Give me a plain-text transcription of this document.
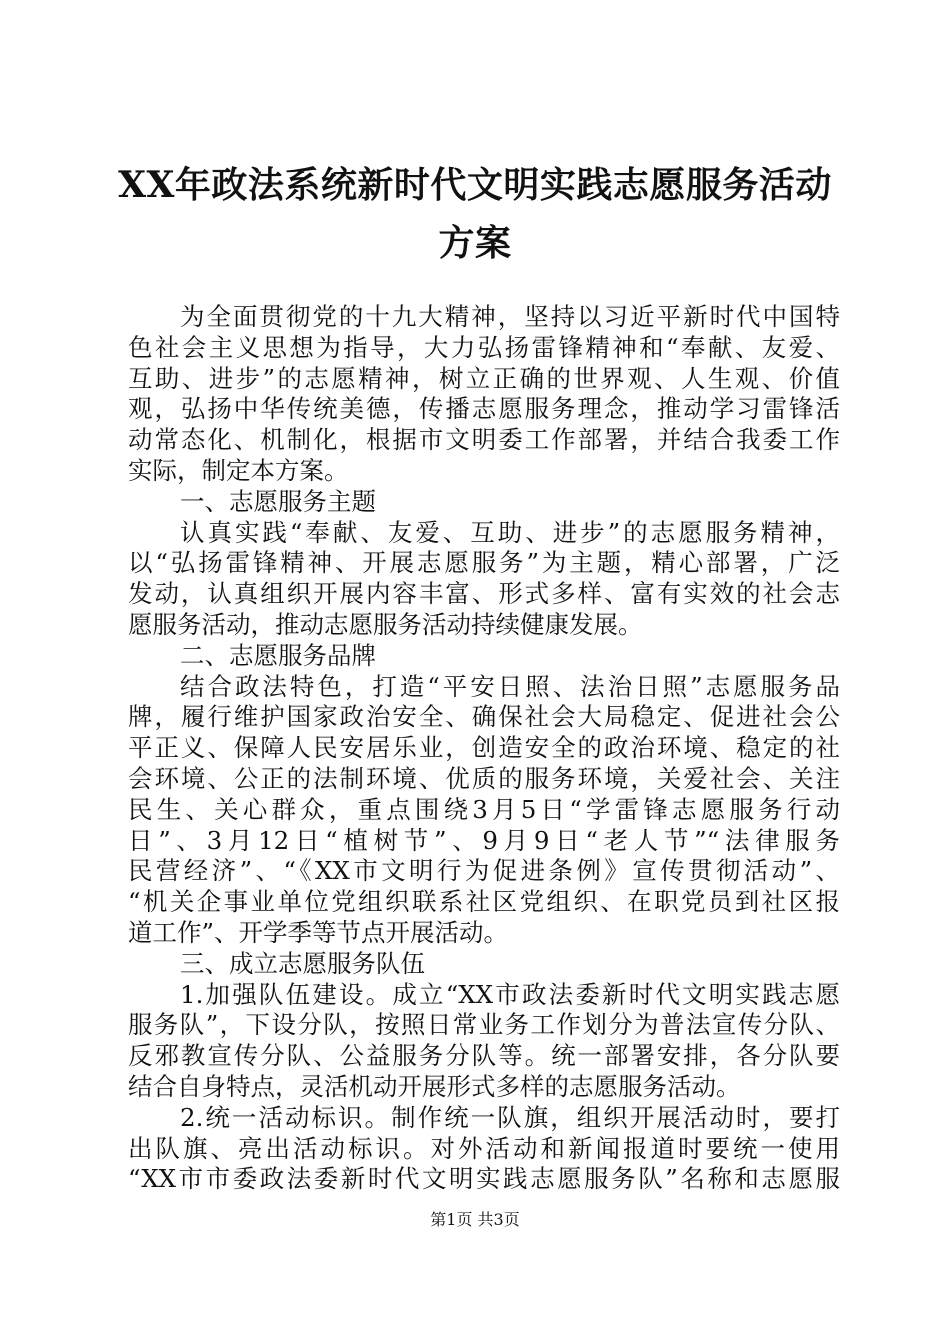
XX年政法系统新时代文明实践志愿服务活动
方案
为全面贯彻党的十九大精神，坚持以习近平新时代中国特
色社会主义思想为指导，大力弘扬雷锋精神和“奉献、友爱、
互助、进步”的志愿精神，树立正确的世界观、人生观、价值
观，弘扬中华传统美德，传播志愿服务理念，推动学习雷锋活
动常态化、机制化，根据市文明委工作部署，并结合我委工作
实际，制定本方案。
一、志愿服务主题
认真实践“奉献、友爱、互助、进步”的志愿服务精神，
以“弘扬雷锋精神、开展志愿服务”为主题，精心部署，广泛
发动，认真组织开展内容丰富、形式多样、富有实效的社会志
愿服务活动，推动志愿服务活动持续健康发展。
二、志愿服务品牌
结合政法特色，打造“平安日照、法治日照”志愿服务品
牌，履行维护国家政治安全、确保社会大局稳定、促进社会公
平正义、保障人民安居乐业，创造安全的政治环境、稳定的社
会环境、公正的法制环境、优质的服务环境，关爱社会、关注
民生、关心群众，重点围绕3月5日“学雷锋志愿服务行动
日”、3月12日“植树节”、9月9日“老人节”“法律服务
民营经济”、“《XX市文明行为促进条例》宣传贯彻活动”、
“机关企事业单位党组织联系社区党组织、在职党员到社区报
道工作”、开学季等节点开展活动。
三、成立志愿服务队伍
1.加强队伍建设。成立“XX市政法委新时代文明实践志愿
服务队”，下设分队，按照日常业务工作划分为普法宣传分队、
反邪教宣传分队、公益服务分队等。统一部署安排，各分队要
结合自身特点，灵活机动开展形式多样的志愿服务活动。
2.统一活动标识。制作统一队旗，组织开展活动时，要打
出队旗、亮出活动标识。对外活动和新闻报道时要统一使用
“XX市市委政法委新时代文明实践志愿服务队”名称和志愿服
第1页 共3页
